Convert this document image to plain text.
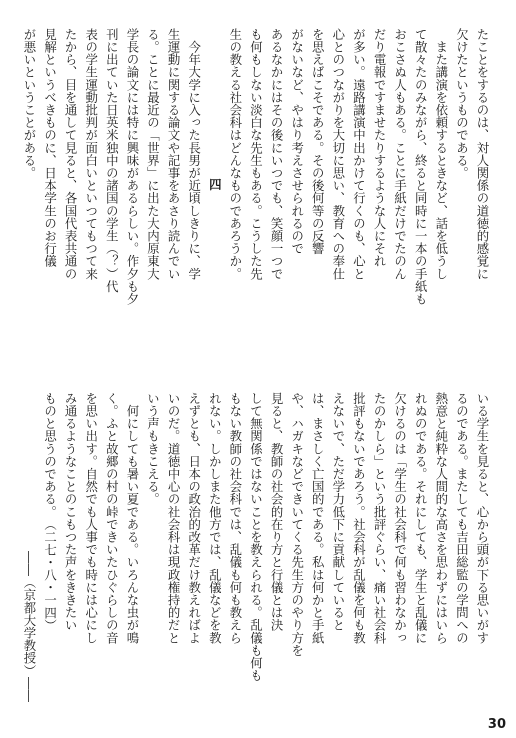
たことをするのは、対人関係の道徳的感覚に
欠けたというものである。
　また講演を依頼するときなど、話を低うし
て散々たのみながら、終ると同時に一本の手紙も
おこさぬ人もある。ことに手紙だけでたのん
だり電報ですませたりするような人にそれ
が多い。遠路講演中出かけて行くのも、心と
心とのつながりを大切に思い、教育への奉仕
を思えばこそである。その後何等の反響
がないなど、やはり考えさせられるので
あるなかにはその後にいつでも、笑顔一つで
も何もしない淡白な先生もある。こうした先
生の教える社会科はどんなものであろうか。
四
　今年大学に入った長男が近頃しきりに、学
生運動に関する論文や記事をあさり読んでい
る。ことに最近の「世界」に出た大内原東大
学長の論文には特に興味があるらしい。作夕も夕
刊に出ていた日英米独中の諸国の学生（？）代
表の学生運動批判が面白いといつてもつて来
たから、目を通して見ると、各国代表共通の
見解というべきものに、日本学生のお行儀
が悪いということがある。
いる学生を見ると、心から頭が下る思いがす
るのである。またしても吉田総監の学問への
熱意と純粋な人間的な高さを思わずにはいら
れぬのである。それにしても、学生と乱儀に
欠けるのは「学生の社会科で何も習わなかっ
たのかしら」という批評ぐらい、痛い社会科
批評もないであろう。社会科が乱儀を何も教
えないで、ただ学力低下に貢献していると
は、まさしく亡国的である。私は何かと手紙
や、ハガキなどできいてくる先生方のやり方を
見ると、教師の社会的在り方と行儀とは決
して無関係ではないことを教えられる。乱儀も何も
もない教師の社会科では、乱儀も何も教えら
れない。しかしまた他方では、乱儀などを教
えずとも、日本の政治的改革だけ教えればよ
いのだ。道徳中心の社会科は現政権持的だと
いう声もきこえる。
　何にしても暑い夏である。いろんな虫が鳴
く。ふと故郷の村の峠できいたひぐらしの音
を思い出す。自然でも人事でも時には心にし
み通るようなことのこもつた声をききたい
ものと思うのである。　（二七・八・一四）
――（京都大学教授）――
30
